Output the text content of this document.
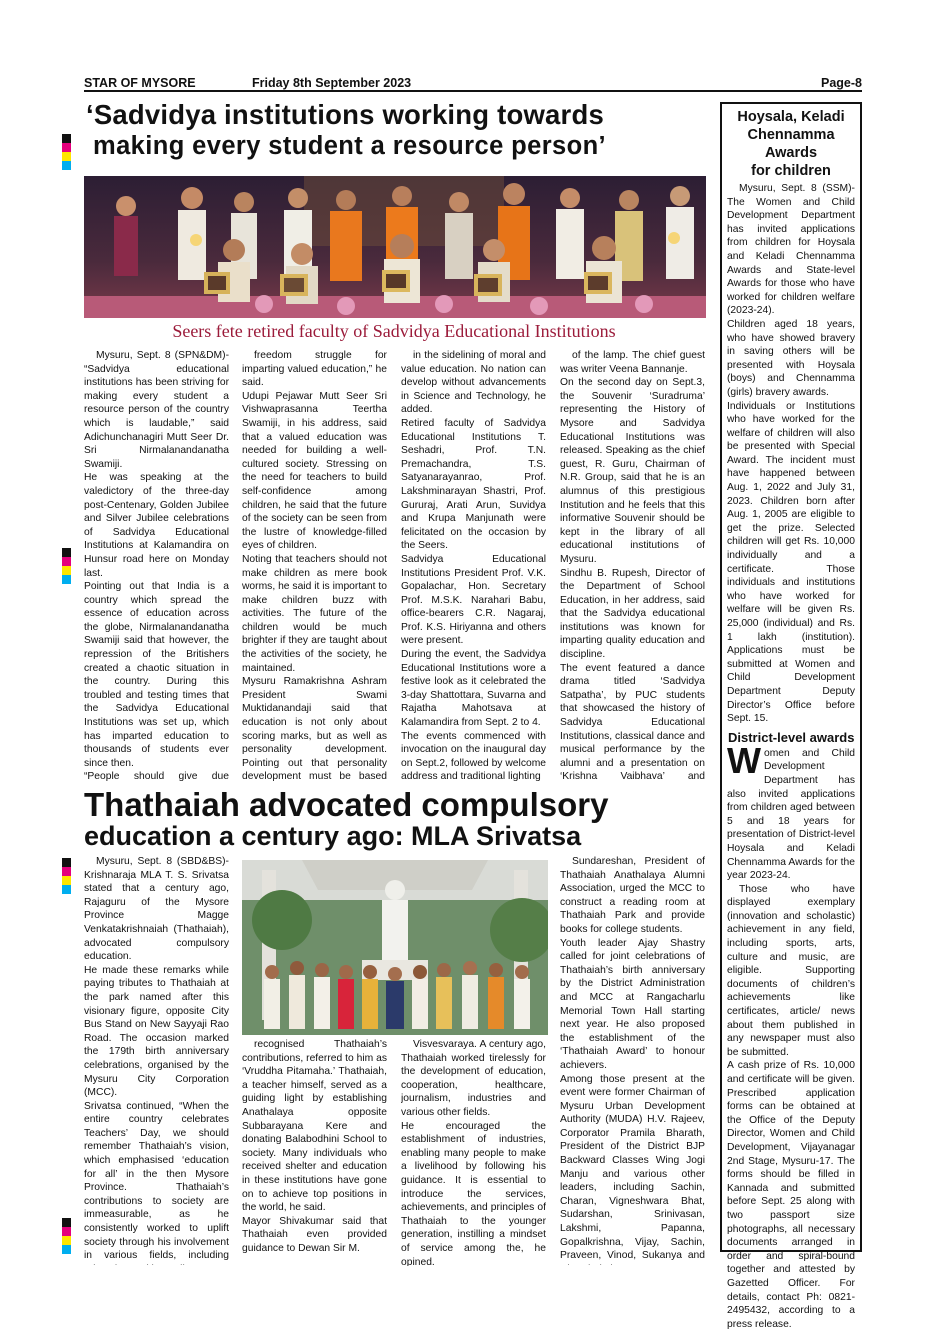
STAR OF MYSORE	Friday 8th September 2023	Page-8
‘Sadvidya institutions working towards
making every student a resource person’
Seers fete retired faculty of Sadvidya Educational Institutions

Mysuru, Sept. 8 (SPN&DM)- “Sadvidya educational institutions has been striving for making every student a resource person of the country which is laudable,” said Adichunchanagiri Mutt Seer Dr. Sri Nirmalanandanatha Swamiji.
He was speaking at the valedictory of the three-day post-Centenary, Golden Jubilee and Silver Jubilee celebrations of Sadvidya Educational Institutions at Kalamandira on Hunsur road here on Monday last.
Pointing out that India is a country which spread the essence of education across the globe, Nirmalanandanatha Swamiji said that however, the repression of the Britishers created a chaotic situation in the country. During this troubled and testing times that the Sadvidya Educational Institutions was set up, which has imparted education to thousands of students ever since then.
“People should give due

freedom struggle for imparting valued education,” he said.
Udupi Pejawar Mutt Seer Sri Vishwaprasanna Teertha Swamiji, in his address, said that a valued education was needed for building a well-cultured society. Stressing on the need for teachers to build self-confidence among children, he said that the future of the society can be seen from the lustre of knowledge-filled eyes of children.
Noting that teachers should not make children as mere book worms, he said it is important to make children buzz with activities. The future of the children would be much brighter if they are taught about the activities of the society, he maintained.
Mysuru Ramakrishna Ashram President Swami Muktidanandaji said that education is not only about scoring marks, but as well as personality development. Pointing out that personality development must be based

in the sidelining of moral and value education. No nation can develop without advancements in Science and Technology, he added.
Retired faculty of Sadvidya Educational Institutions T. Seshadri, Prof. T.N. Premachandra, T.S. Satyanarayanrao, Prof. Lakshminarayan Shastri, Prof. Gururaj, Arati Arun, Suvidya and Krupa Manjunath were felicitated on the occasion by the Seers.
Sadvidya Educational Institutions President Prof. V.K. Gopalachar, Hon. Secretary Prof. M.S.K. Narahari Babu, office-bearers C.R. Nagaraj, Prof. K.S. Hiriyanna and others were present.
During the event, the Sadvidya Educational Institutions wore a festive look as it celebrated the 3-day Shattottara, Suvarna and Rajatha Mahotsava at Kalamandira from Sept. 2 to 4.
The events commenced with invocation on the inaugural day on Sept.2, followed by welcome address and traditional lighting

of the lamp. The chief guest was writer Veena Bannanje.
On the second day on Sept.3, the Souvenir ‘Suradruma’ representing the History of Mysore and Sadvidya Educational Institutions was released. Speaking as the chief guest, R. Guru, Chairman of N.R. Group, said that he is an alumnus of this prestigious Institution and he feels that this informative Souvenir should be kept in the library of all educational institutions of Mysuru.
Sindhu B. Rupesh, Director of the Department of School Education, in her address, said that the Sadvidya educational institutions was known for imparting quality education and discipline.
The event featured a dance drama titled ‘Sadvidya Satpatha’, by PUC students that showcased the history of Sadvidya Educational Institutions, classical dance and musical performance by the alumni and a presentation on ‘Krishna Vaibhava’ and

Thathaiah advocated compulsory
education a century ago: MLA Srivatsa

Mysuru, Sept. 8 (SBD&BS)- Krishnaraja MLA T. S. Srivatsa stated that a century ago, Rajaguru of the Mysore Province Magge Venkatakrishnaiah (Thathaiah), advocated compulsory education.
He made these remarks while paying tributes to Thathaiah at the park named after this visionary figure, opposite City Bus Stand on New Sayyaji Rao Road. The occasion marked the 179th birth anniversary celebrations, organised by the Mysuru City Corporation (MCC).
Srivatsa continued, “When the entire country celebrates Teachers’ Day, we should remember Thathaiah’s vision, which emphasised ‘education for all’ in the then Mysore Province. Thathaiah’s contributions to society are immeasurable, as he consistently worked to uplift society through his involvement in various fields, including

recognised Thathaiah’s contributions, referred to him as ‘Vruddha Pitamaha.’ Thathaiah, a teacher himself, served as a guiding light by establishing Anathalaya opposite Subbarayana Kere and donating Balabodhini School to society. Many individuals who received shelter and education in these institutions have gone on to achieve top positions in the world, he said.
Mayor Shivakumar said that Thathaiah even provided guidance to Dewan Sir M.

Visvesvaraya. A century ago, Thathaiah worked tirelessly for the development of education, cooperation, healthcare, journalism, industries and various other fields.
He encouraged the establishment of industries, enabling many people to make a livelihood by following his guidance. It is essential to introduce the services, achievements, and principles of Thathaiah to the younger generation, instilling a mindset of service among the, he opined.

Sundareshan, President of Thathaiah Anathalaya Alumni Association, urged the MCC to construct a reading room at Thathaiah Park and provide books for college students.
Youth leader Ajay Shastry called for joint celebrations of Thathaiah’s birth anniversary by the District Administration and MCC at Rangacharlu Memorial Town Hall starting next year. He also proposed the establishment of the ‘Thathaiah Award’ to honour achievers.
Among those present at the event were former Chairman of Mysuru Urban Development Authority (MUDA) H.V. Rajeev, Corporator Pramila Bharath, President of the District BJP Backward Classes Wing Jogi Manju and various other leaders, including Sachin, Charan, Vigneshwara Bhat, Sudarshan, Srinivasan, Lakshmi, Papanna, Gopalkrishna, Vijay, Sachin, Praveen, Vinod, Sukanya and

Hoysala, Keladi
Chennamma Awards
for children

Mysuru, Sept. 8 (SSM)- The Women and Child Development Department has invited applications from children for Hoysala and Keladi Chennamma Awards and State-level Awards for those who have worked for children welfare (2023-24).
Children aged 18 years, who have showed bravery in saving others will be presented with Hoysala (boys) and Chennamma (girls) bravery awards.
Individuals or Institutions who have worked for the welfare of children will also be presented with Special Award. The incident must have happened between Aug. 1, 2022 and July 31, 2023. Children born after Aug. 1, 2005 are eligible to get the prize. Selected children will get Rs. 10,000 individually and a certificate. Those individuals and institutions who have worked for welfare will be given Rs. 25,000 (individual) and Rs. 1 lakh (institution). Applications must be submitted at Women and Child Development Department Deputy Director’s Office before Sept. 15.

District-level awards
Women and Child Development Department has also invited applications from children aged between 5 and 18 years for presentation of District-level Hoysala and Keladi Chennamma Awards for the year 2023-24.

Those who have displayed exemplary (innovation and scholastic) achievement in any field, including sports, arts, culture and music, are eligible. Supporting documents of children’s achievements like certificates, article/ news about them published in any newspaper must also be submitted.
A cash prize of Rs. 10,000 and certificate will be given. Prescribed application forms can be obtained at the Office of the Deputy Director, Women and Child Development, Vijayanagar 2nd Stage, Mysuru-17. The forms should be filled in Kannada and submitted before Sept. 25 along with two passport size photographs, all necessary documents arranged in order and spiral-bound together and attested by Gazetted Officer. For details, contact Ph: 0821-2495432, according to a press release.
